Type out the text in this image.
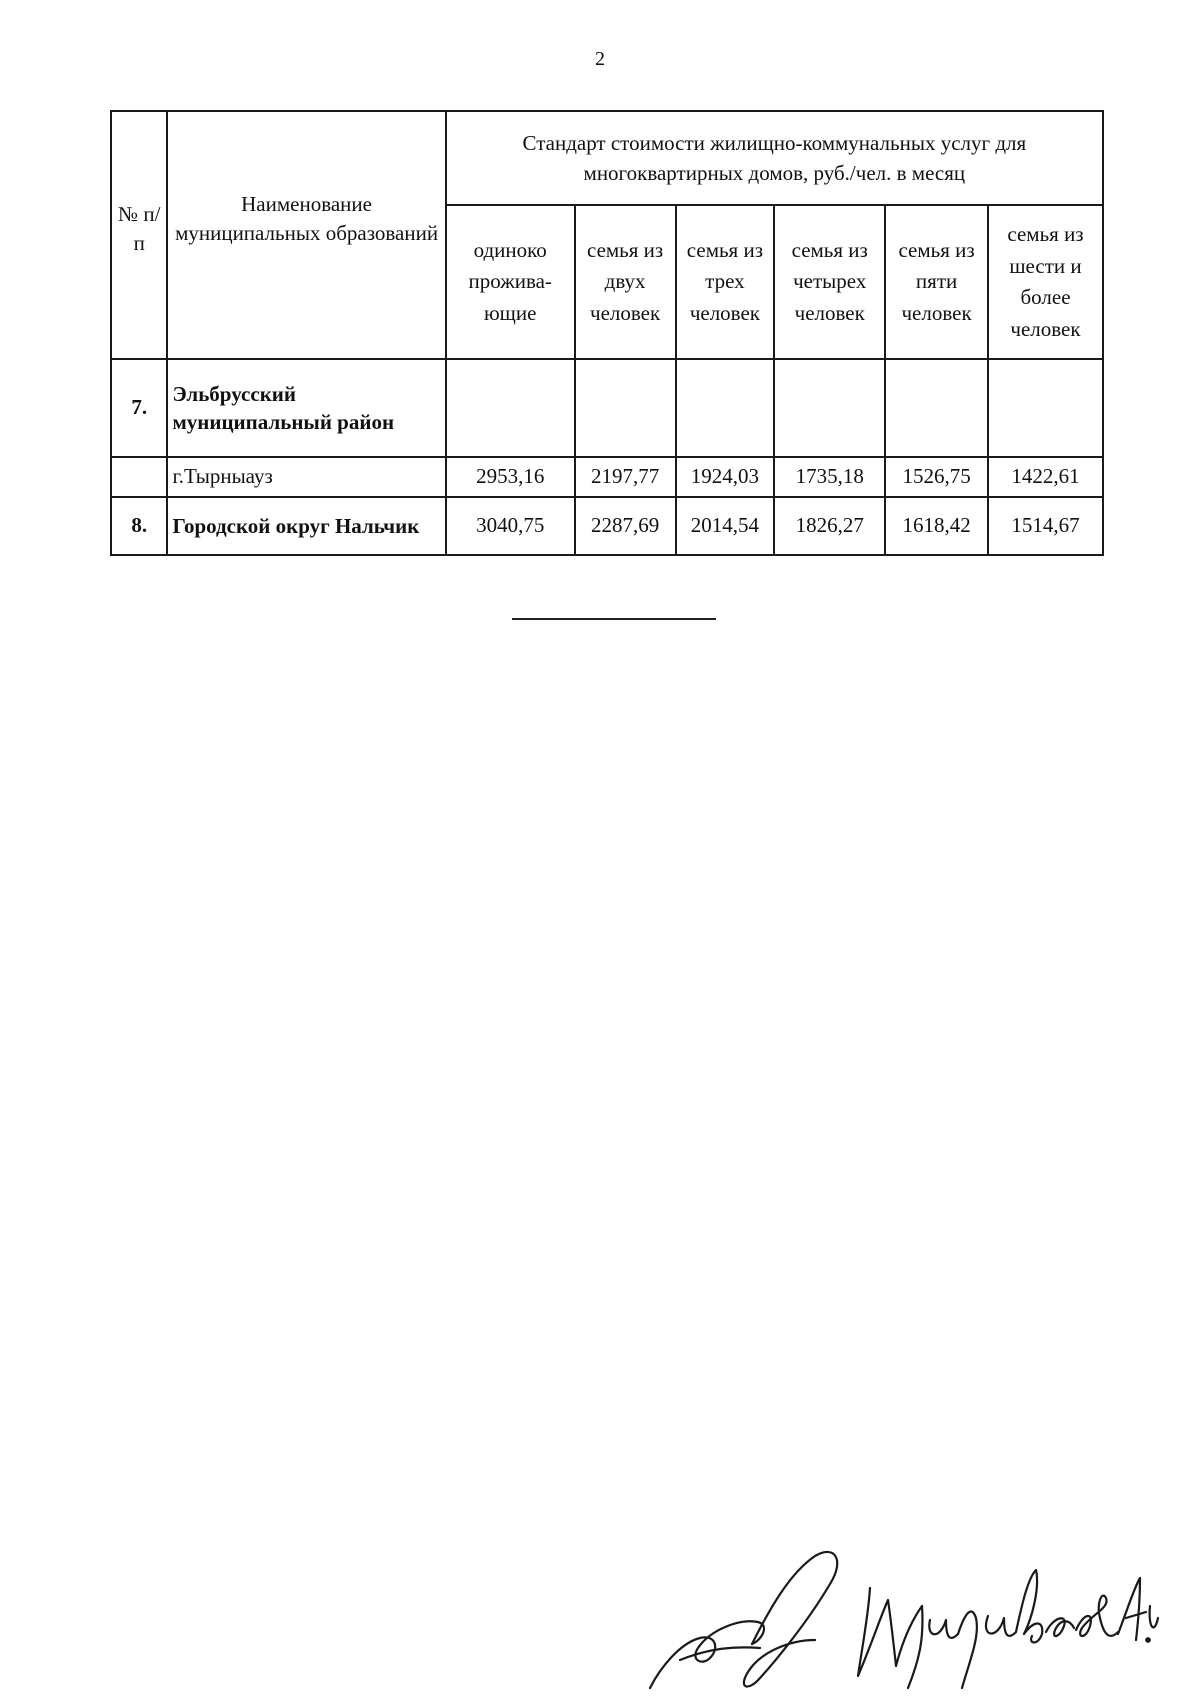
2
№ п/п	Наименование муниципальных образований	Стандарт стоимости жилищно-коммунальных услуг для многоквартирных домов, руб./чел. в месяц					
		одиноко прожива-ющие	семья из двух человек	семья из трех человек	семья из четырех человек	семья из пяти человек	семья из шести и более человек
7.	Эльбрусский муниципальный район						
	г.Тырныауз	2953,16	2197,77	1924,03	1735,18	1526,75	1422,61
8.	Городской округ Нальчик	3040,75	2287,69	2014,54	1826,27	1618,42	1514,67
